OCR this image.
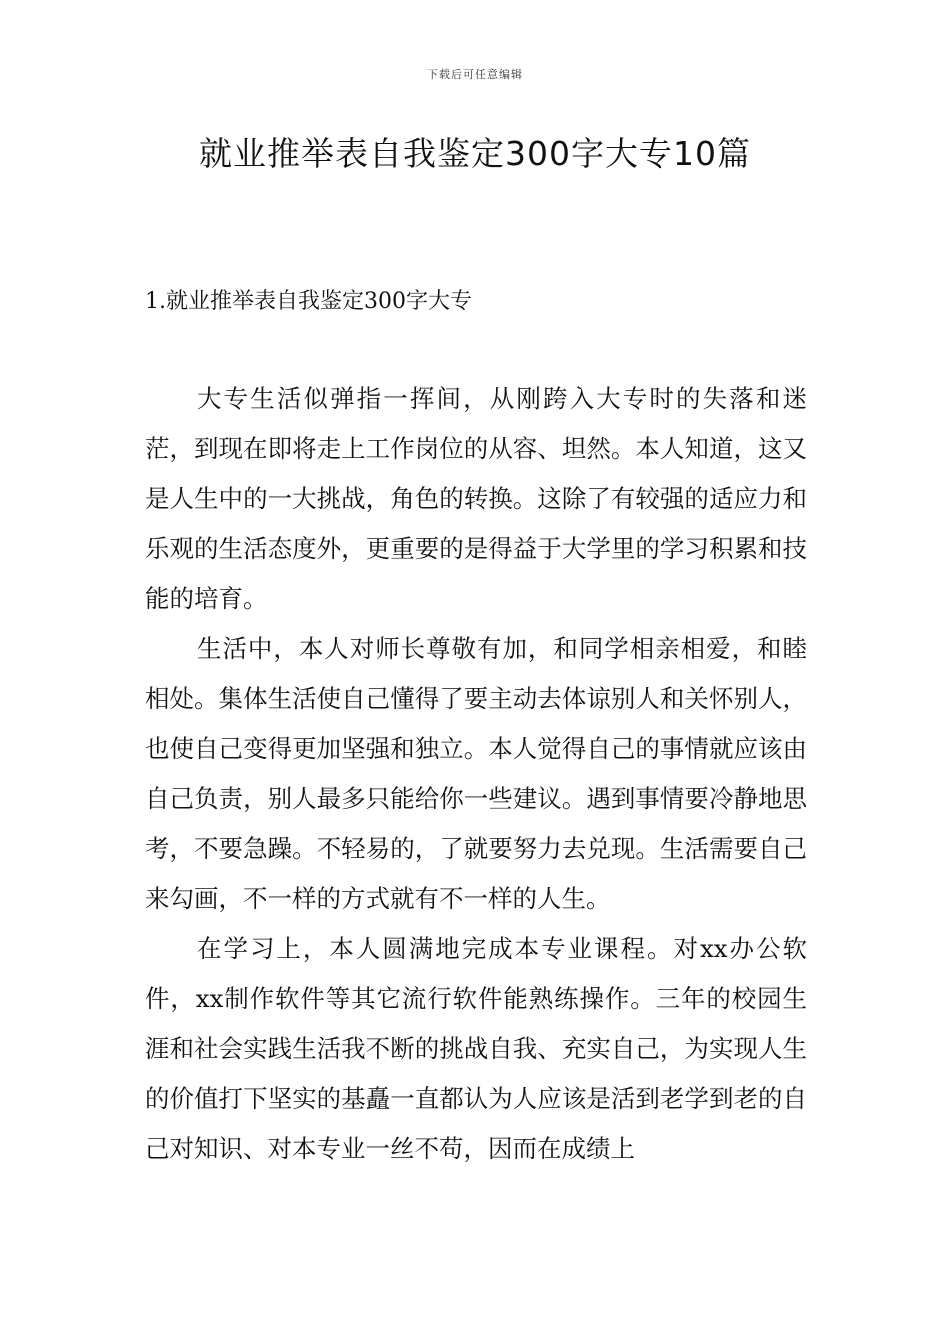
下载后可任意编辑
就业推举表自我鉴定300字大专10篇
1.就业推举表自我鉴定300字大专

大专生活似弹指一挥间，从刚跨入大专时的失落和迷茫，到现在即将走上工作岗位的从容、坦然。本人知道，这又是人生中的一大挑战，角色的转换。这除了有较强的适应力和乐观的生活态度外，更重要的是得益于大学里的学习积累和技能的培育。

生活中，本人对师长尊敬有加，和同学相亲相爱，和睦相处。集体生活使自己懂得了要主动去体谅别人和关怀别人，也使自己变得更加坚强和独立。本人觉得自己的事情就应该由自己负责，别人最多只能给你一些建议。遇到事情要冷静地思考，不要急躁。不轻易的，了就要努力去兑现。生活需要自己来勾画，不一样的方式就有不一样的人生。

在学习上，本人圆满地完成本专业课程。对xx办公软件，xx制作软件等其它流行软件能熟练操作。三年的校园生涯和社会实践生活我不断的挑战自我、充实自己，为实现人生的价值打下坚实的基矗一直都认为人应该是活到老学到老的自己对知识、对本专业一丝不苟，因而在成绩上
